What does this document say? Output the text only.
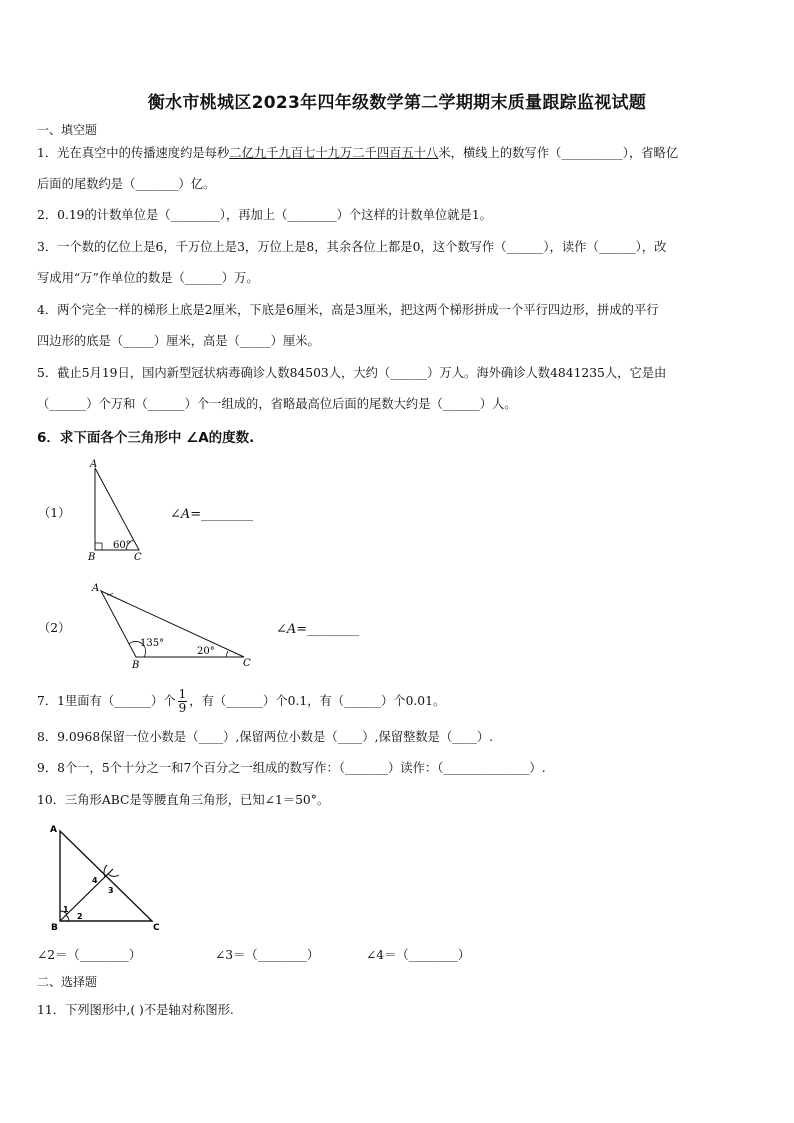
衡水市桃城区2023年四年级数学第二学期期末质量跟踪监视试题
一、填空题
1．光在真空中的传播速度约是每秒二亿九千九百七十九万二千四百五十八米，横线上的数写作（__________），省略亿
后面的尾数约是（_______）亿。
2．0.19的计数单位是（________），再加上（________）个这样的计数单位就是1。
3．一个数的亿位上是6，千万位上是3，万位上是8，其余各位上都是0，这个数写作（______），读作（______），改
写成用“万”作单位的数是（______）万。
4．两个完全一样的梯形上底是2厘米，下底是6厘米，高是3厘米，把这两个梯形拼成一个平行四边形，拼成的平行
四边形的底是（_____）厘米，高是（_____）厘米。
5．截止5月19日，国内新型冠状病毒确诊人数84503人，大约（______）万人。海外确诊人数4841235人，它是由
（______）个万和（______）个一组成的，省略最高位后面的尾数大约是（______）人。
6．求下面各个三角形中 ∠A的度数.
（1）
A
B	C
60°
∠A=________
（2）
A
B	C
135°
20°
∠A=________
7．1里面有（______）个 $\frac{1}{9}$ ，有（______）个0.1，有（______）个0.01。
8．9.0968保留一位小数是（____）,保留两位小数是（____）,保留整数是（____）.
9．8个一，5个十分之一和7个百分之一组成的数写作：（_______）读作：（______________）.
10．三角形ABC是等腰直角三角形，已知∠1＝50°。
A
B	C
1
2
3
4
∠2＝（________）	∠3＝（________）	∠4＝（________）
二、选择题
11．下列图形中,( )不是轴对称图形.
